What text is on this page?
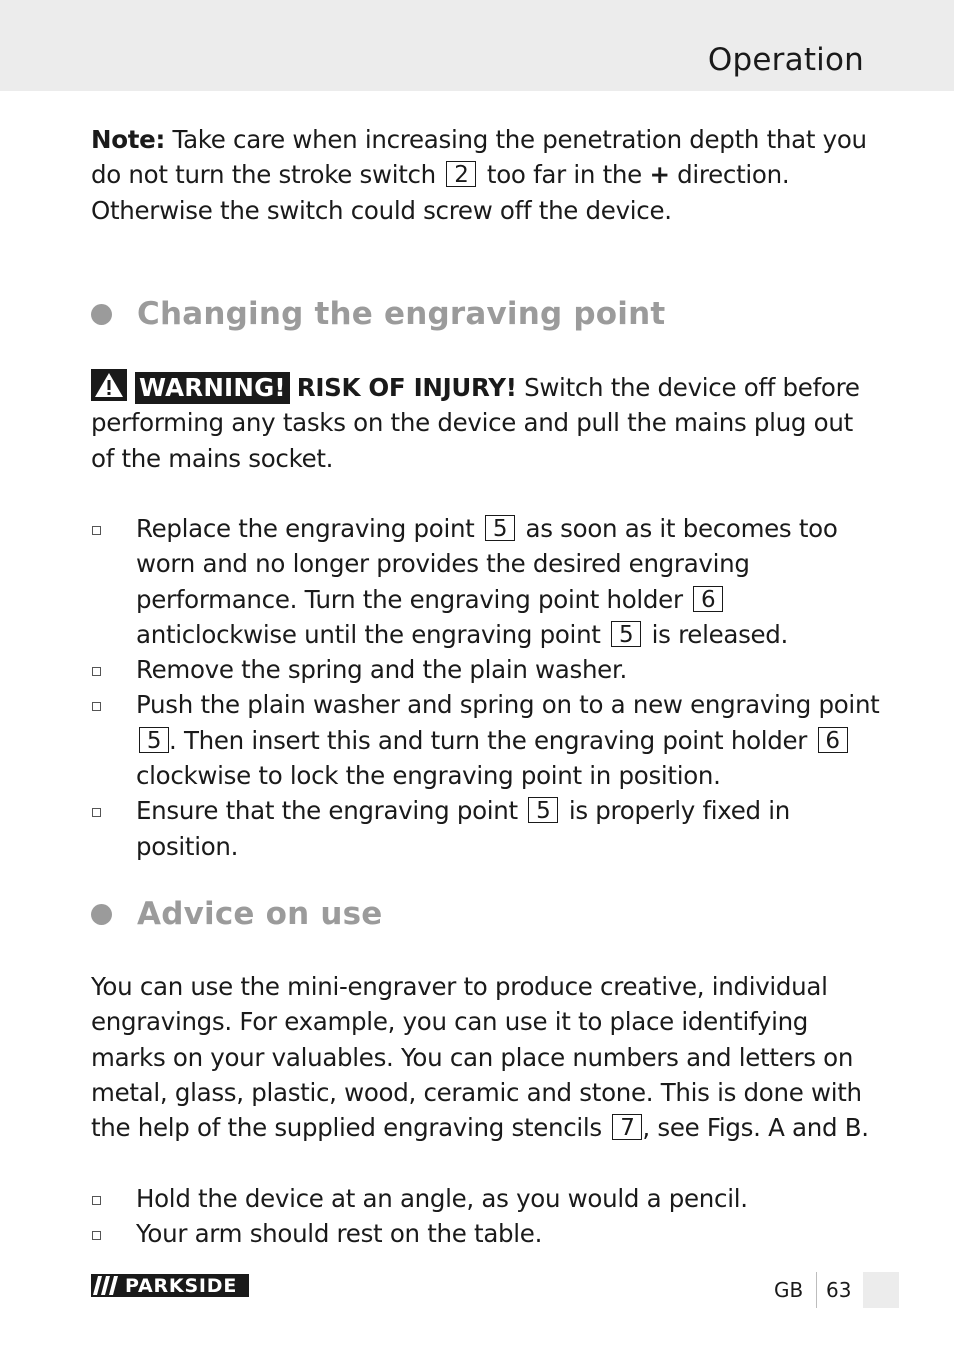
Operation

Note: Take care when increasing the penetration depth that you do not turn the stroke switch 2 too far in the + direction. Otherwise the switch could screw off the device.

Changing the engraving point

WARNING! RISK OF INJURY! Switch the device off before performing any tasks on the device and pull the mains plug out of the mains socket.

Replace the engraving point 5 as soon as it becomes too worn and no longer provides the desired engraving performance. Turn the engraving point holder 6 anticlockwise until the engraving point 5 is released.
Remove the spring and the plain washer.
Push the plain washer and spring on to a new engraving point 5 . Then insert this and turn the engraving point holder 6 clockwise to lock the engraving point in position.
Ensure that the engraving point 5 is properly fixed in position.
Advice on use

You can use the mini-engraver to produce creative, individual engravings. For example, you can use it to place identifying marks on your valuables. You can place numbers and letters on metal, glass, plastic, wood, ceramic and stone. This is done with the help of the supplied engraving stencils 7 , see Figs. A and B.

Hold the device at an angle, as you would a pencil.
Your arm should rest on the table.
PARKSIDE	GB 63
